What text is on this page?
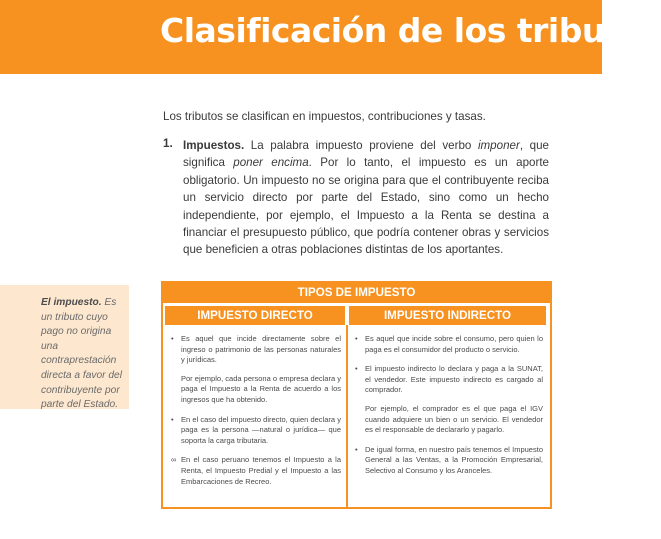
Clasificación de los tributos

Los tributos se clasifican en impuestos, contribuciones y tasas.

1. Impuestos. La palabra impuesto proviene del verbo imponer, que significa poner encima. Por lo tanto, el impuesto es un aporte obligatorio. Un impuesto no se origina para que el contribuyente reciba un servicio directo por parte del Estado, sino como un hecho independiente, por ejemplo, el Impuesto a la Renta se destina a financiar el presupuesto público, que podría contener obras y servicios que beneficien a otras poblaciones distintas de los aportantes.

El impuesto. Es un tributo cuyo pago no origina una contraprestación directa a favor del contribuyente por parte del Estado.

TIPOS DE IMPUESTO
IMPUESTO DIRECTO	IMPUESTO INDIRECTO
• Es aquel que incide directamente sobre el ingreso o patrimonio de las personas naturales y jurídicas.

Por ejemplo, cada persona o empresa declara y paga el Impuesto a la Renta de acuerdo a los ingresos que ha obtenido.

• En el caso del impuesto directo, quien declara y paga es la persona —natural o jurídica— que soporta la carga tributaria.

∞ En el caso peruano tenemos el Impuesto a la Renta, el Impuesto Predial y el Impuesto a las Embarcaciones de Recreo.

• Es aquel que incide sobre el consumo, pero quien lo paga es el consumidor del producto o servicio.

• El impuesto indirecto lo declara y paga a la SUNAT, el vendedor. Este impuesto indirecto es cargado al comprador.

Por ejemplo, el comprador es el que paga el IGV cuando adquiere un bien o un servicio. El vendedor es el responsable de declararlo y pagarlo.

• De igual forma, en nuestro país tenemos el Impuesto General a las Ventas, a la Promoción Empresarial, Selectivo al Consumo y los Aranceles.
